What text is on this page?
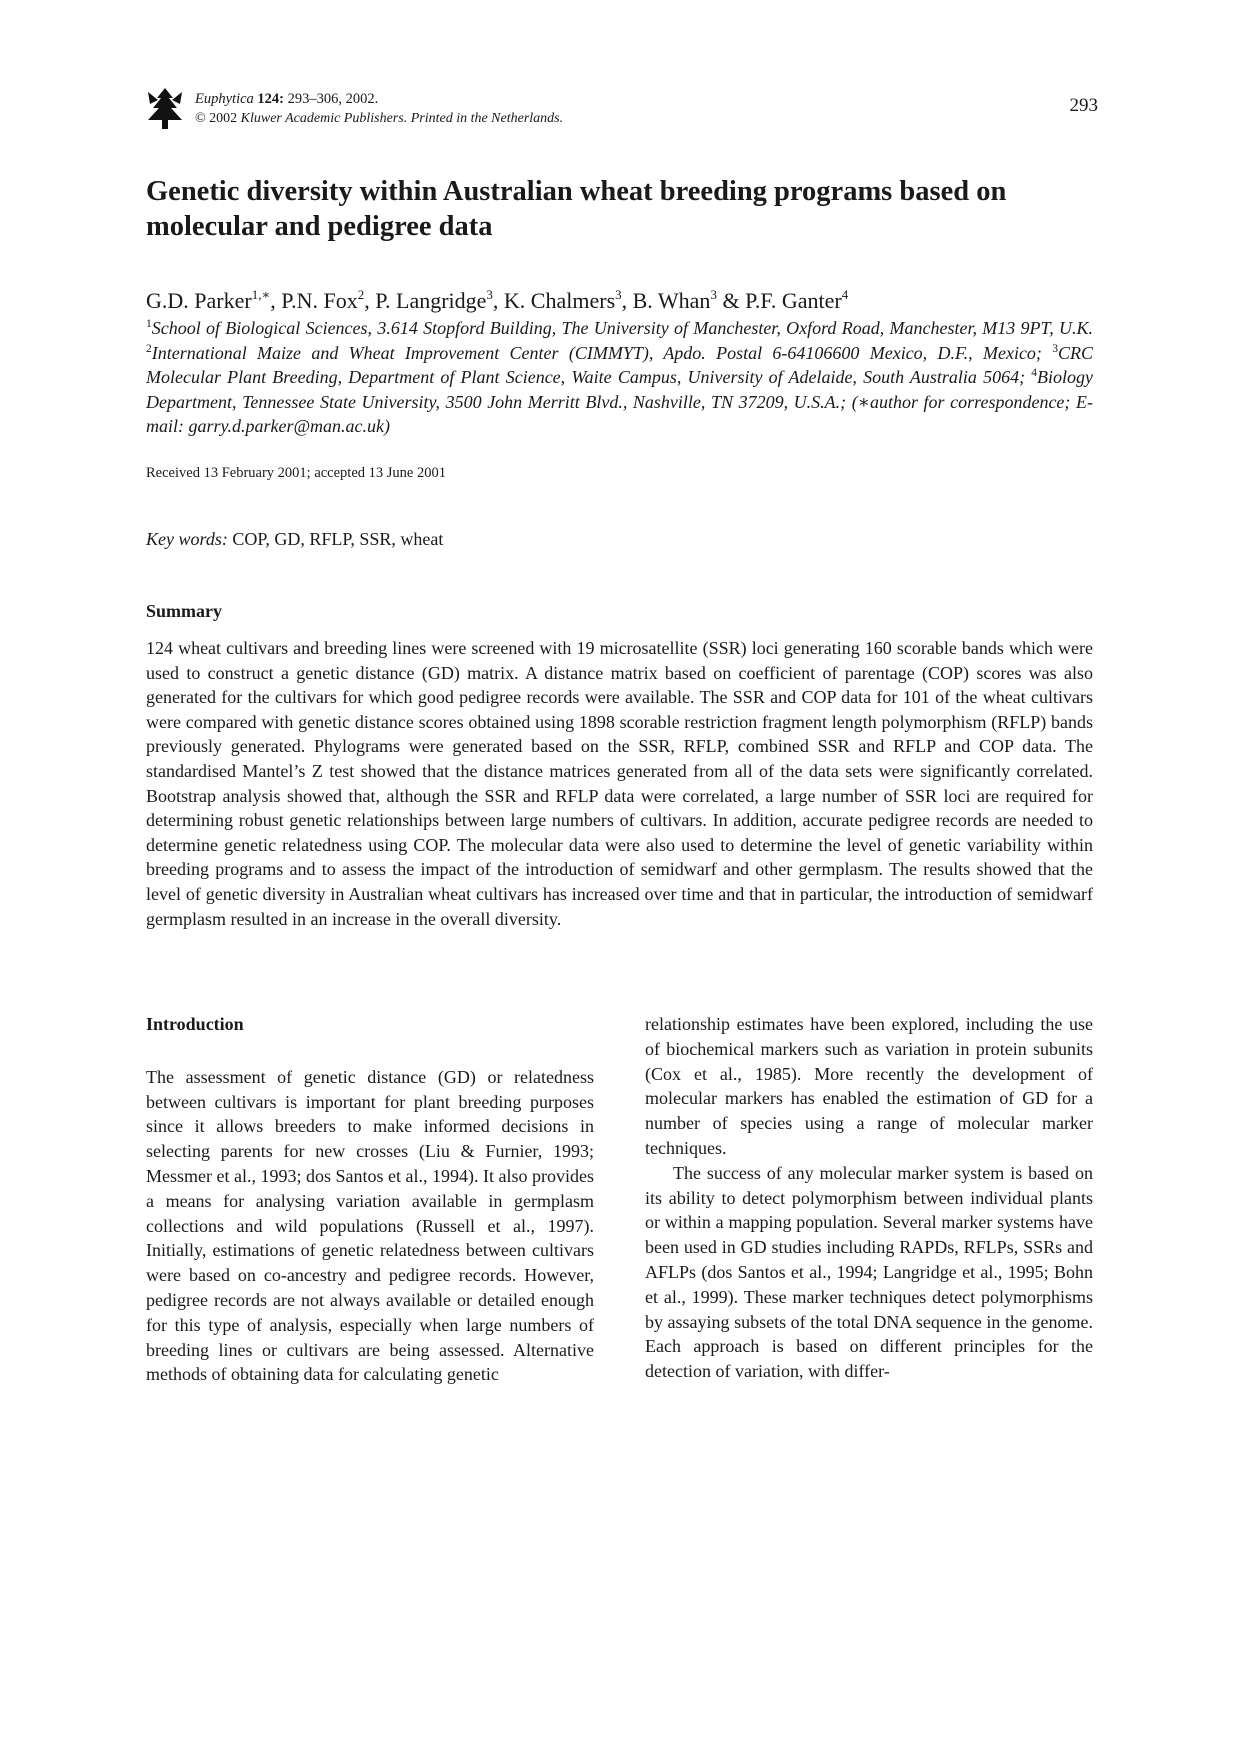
Euphytica 124: 293–306, 2002.
© 2002 Kluwer Academic Publishers. Printed in the Netherlands.
293
Genetic diversity within Australian wheat breeding programs based on molecular and pedigree data
G.D. Parker$^{1,∗}$, P.N. Fox$^2$, P. Langridge$^3$, K. Chalmers$^3$, B. Whan$^3$ & P.F. Ganter$^4$
$^1$School of Biological Sciences, 3.614 Stopford Building, The University of Manchester, Oxford Road, Manchester, M13 9PT, U.K. $^2$International Maize and Wheat Improvement Center (CIMMYT), Apdo. Postal 6-64106600 Mexico, D.F., Mexico; $^3$CRC Molecular Plant Breeding, Department of Plant Science, Waite Campus, University of Adelaide, South Australia 5064; $^4$Biology Department, Tennessee State University, 3500 John Merritt Blvd., Nashville, TN 37209, U.S.A.; (∗author for correspondence; E-mail: garry.d.parker@man.ac.uk)
Received 13 February 2001; accepted 13 June 2001
Key words: COP, GD, RFLP, SSR, wheat
Summary

124 wheat cultivars and breeding lines were screened with 19 microsatellite (SSR) loci generating 160 scorable bands which were used to construct a genetic distance (GD) matrix. A distance matrix based on coefficient of parentage (COP) scores was also generated for the cultivars for which good pedigree records were available. The SSR and COP data for 101 of the wheat cultivars were compared with genetic distance scores obtained using 1898 scorable restriction fragment length polymorphism (RFLP) bands previously generated. Phylograms were generated based on the SSR, RFLP, combined SSR and RFLP and COP data. The standardised Mantel’s Z test showed that the distance matrices generated from all of the data sets were significantly correlated. Bootstrap analysis showed that, although the SSR and RFLP data were correlated, a large number of SSR loci are required for determining robust genetic relationships between large numbers of cultivars. In addition, accurate pedigree records are needed to determine genetic relatedness using COP. The molecular data were also used to determine the level of genetic variability within breeding programs and to assess the impact of the introduction of semidwarf and other germplasm. The results showed that the level of genetic diversity in Australian wheat cultivars has increased over time and that in particular, the introduction of semidwarf germplasm resulted in an increase in the overall diversity.

Introduction

The assessment of genetic distance (GD) or relatedness between cultivars is important for plant breeding purposes since it allows breeders to make informed decisions in selecting parents for new crosses (Liu & Furnier, 1993; Messmer et al., 1993; dos Santos et al., 1994). It also provides a means for analysing variation available in germplasm collections and wild populations (Russell et al., 1997). Initially, estimations of genetic relatedness between cultivars were based on co-ancestry and pedigree records. However, pedigree records are not always available or detailed enough for this type of analysis, especially when large numbers of breeding lines or cultivars are being assessed. Alternative methods of obtaining data for calculating genetic

relationship estimates have been explored, including the use of biochemical markers such as variation in protein subunits (Cox et al., 1985). More recently the development of molecular markers has enabled the estimation of GD for a number of species using a range of molecular marker techniques.

The success of any molecular marker system is based on its ability to detect polymorphism between individual plants or within a mapping population. Several marker systems have been used in GD studies including RAPDs, RFLPs, SSRs and AFLPs (dos Santos et al., 1994; Langridge et al., 1995; Bohn et al., 1999). These marker techniques detect polymorphisms by assaying subsets of the total DNA sequence in the genome. Each approach is based on different principles for the detection of variation, with differ-
